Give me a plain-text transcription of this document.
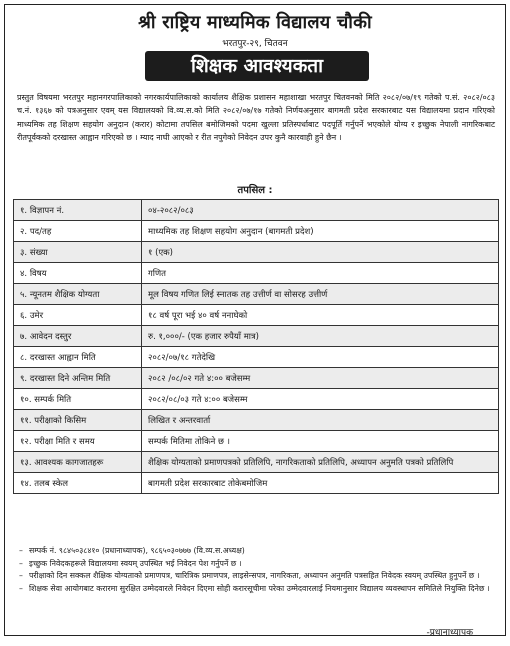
श्री राष्ट्रिय माध्यमिक विद्यालय चौकी
भरतपुर-२९, चितवन
शिक्षक आवश्यकता
प्रस्तुत विषयमा भरतपुर महानगरपालिकाको नगरकार्यपालिकाको कार्यालय शैक्षिक प्रशासन महाशाखा भरतपुर चितवनको मिति २०८२/०७/१९ गतेको प.सं. २०८२/०८३ च.नं. १३६७ को पत्रअनुसार एवम् यस विद्यालयको वि.व्य.स.को मिति २०८२/०७/१७ गतेको निर्णयअनुसार बागमती प्रदेश सरकारबाट यस विद्यालयमा प्रदान गरिएको माध्यमिक तह शिक्षण सहयोग अनुदान (करार) कोटामा तपसिल बमोजिमको पदमा खुल्ला प्रतिस्पर्धाबाट पदपूर्ति गर्नुपर्ने भएकोले योग्य र इच्छुक नेपाली नागरिकबाट रीतपूर्वकको दरखास्त आह्वान गरिएको छ । म्याद नाघी आएको र रीत नपुगेको निवेदन उपर कुनै कारवाही हुने छैन ।
तपसिल :
१. विज्ञापन नं.	०४-२०८२/०८३
२. पद/तह	माध्यमिक तह शिक्षण सहयोग अनुदान (बागमती प्रदेश)
३. संख्या	१ (एक)
४. विषय	गणित
५. न्यूनतम शैक्षिक योग्यता	मूल विषय गणित लिई स्नातक तह उत्तीर्ण वा सोसरह उत्तीर्ण
६. उमेर	१८ वर्ष पूरा भई ४० वर्ष ननाघेको
७. आवेदन दस्तुर	रु. १,०००/- (एक हजार रुपैयाँ मात्र)
८. दरखास्त आह्वान मिति	२०८२/०७/१८ गतेदेखि
९. दरखास्त दिने अन्तिम मिति	२०८२ /०८/०२ गते ४:०० बजेसम्म
१०. सम्पर्क मिति	२०८२/०८/०३ गते ४:०० बजेसम्म
११. परीक्षाको किसिम	लिखित र अन्तरवार्ता
१२. परीक्षा मिति र समय	सम्पर्क मितिमा तोकिने छ ।
१३. आवश्यक कागजातहरू	शैक्षिक योग्यताको प्रमाणपत्रको प्रतिलिपि, नागरिकताको प्रतिलिपि, अध्यापन अनुमति पत्रको प्रतिलिपि
१४. तलब स्केल	बागमती प्रदेश सरकारबाट तोकेबमोजिम
– सम्पर्क नं. ९८४५०३८४१० (प्रधानाध्यापक), ९८६५०३०७७७ (वि.व्य.स.अध्यक्ष)
– इच्छुक निवेदकहरूले विद्यालयमा स्वयम् उपस्थित भई निवेदन पेश गर्नुपर्ने छ ।
– परीक्षाको दिन सक्कल शैक्षिक योग्यताको प्रमाणपत्र, चारित्रिक प्रमाणपत्र, लाइसेन्सपत्र, नागरिकता, अध्यापन अनुमति पत्रसहित निवेदक स्वयम् उपस्थित हुनुपर्ने छ ।
– शिक्षक सेवा आयोगबाट करारमा सुरक्षित उम्मेदवारले निवेदन दिएमा सोही करारसूचीमा परेका उम्मेदवारलाई नियमानुसार विद्यालय व्यवस्थापन समितिले नियुक्ति दिनेछ ।
-प्रधानाध्यापक
